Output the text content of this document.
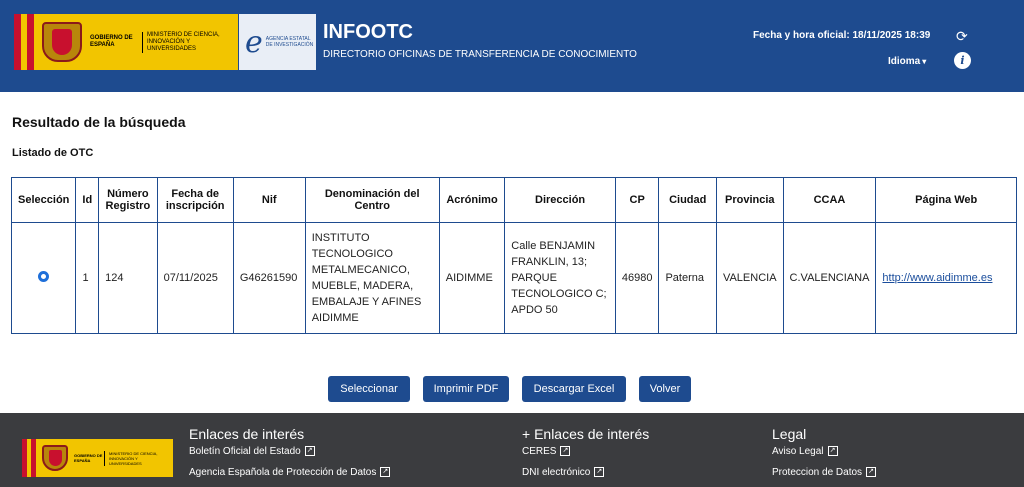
GOBIERNO DE ESPAÑA
MINISTERIO DE CIENCIA, INNOVACIÓN Y UNIVERSIDADES	e AGENCIA ESTATAL DE INVESTIGACIÓN
INFOOTC
DIRECTORIO OFICINAS DE TRANSFERENCIA DE CONOCIMIENTO
Fecha y hora oficial: 18/11/2025 18:39 ⟳
Idioma ▾	i
Resultado de la búsqueda
Listado de OTC
Selección	Id	Número Registro	Fecha de inscripción	Nif	Denominación del Centro	Acrónimo	Dirección	CP	Ciudad	Provincia	CCAA	Página Web
	1	124	07/11/2025	G46261590	INSTITUTO TECNOLOGICO METALMECANICO, MUEBLE, MADERA, EMBALAJE Y AFINES AIDIMME	AIDIMME	Calle BENJAMIN FRANKLIN, 13; PARQUE TECNOLOGICO C; APDO 50	46980	Paterna	VALENCIA	C.VALENCIANA	http://www.aidimme.es
Seleccionar	Imprimir PDF	Descargar Excel	Volver
GOBIERNO DE ESPAÑA
MINISTERIO DE CIENCIA, INNOVACIÓN Y UNIVERSIDADES
Enlaces de interés
Boletín Oficial del Estado ↗
Agencia Española de Protección de Datos ↗
+ Enlaces de interés
CERES ↗
DNI electrónico ↗
Legal
Aviso Legal ↗
Proteccion de Datos ↗
